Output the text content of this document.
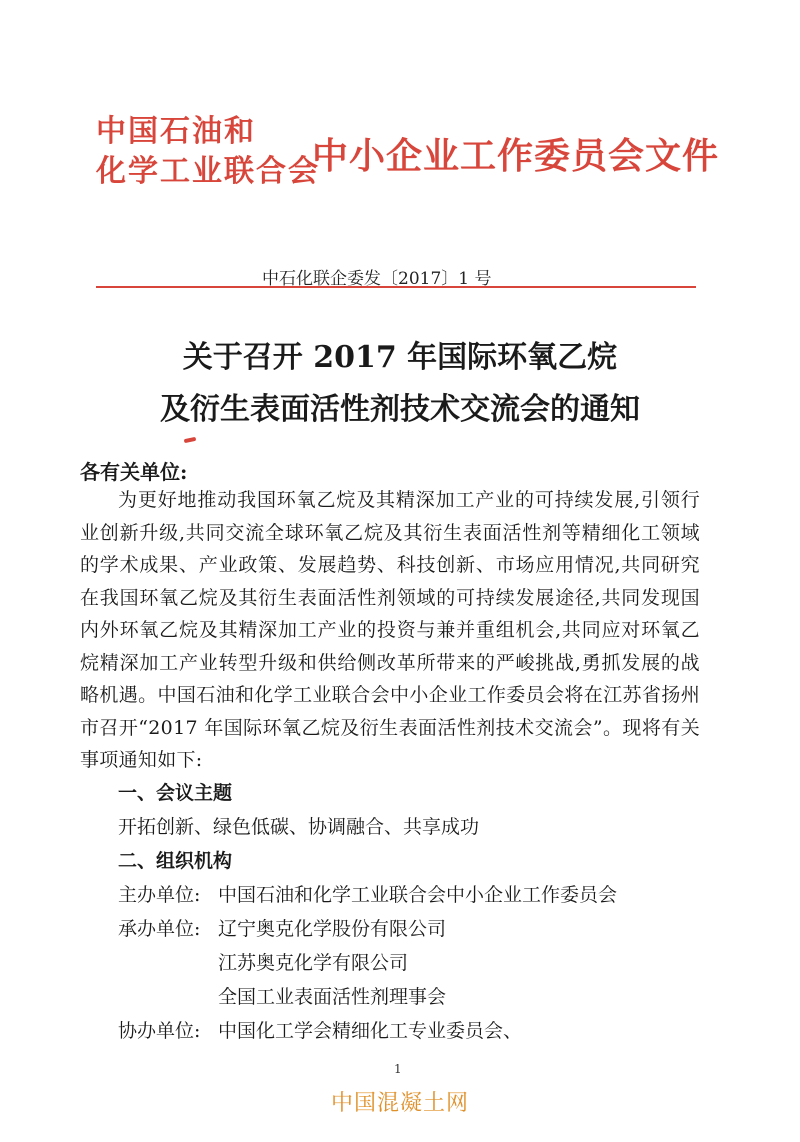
中国石油和
化学工业联合会
中小企业工作委员会文件
中石化联企委发〔2017〕1 号
关于召开 2017 年国际环氧乙烷
及衍生表面活性剂技术交流会的通知
各有关单位:
为更好地推动我国环氧乙烷及其精深加工产业的可持续发展,引领行业创新升级,共同交流全球环氧乙烷及其衍生表面活性剂等精细化工领域的学术成果、产业政策、发展趋势、科技创新、市场应用情况,共同研究在我国环氧乙烷及其衍生表面活性剂领域的可持续发展途径,共同发现国内外环氧乙烷及其精深加工产业的投资与兼并重组机会,共同应对环氧乙烷精深加工产业转型升级和供给侧改革所带来的严峻挑战,勇抓发展的战略机遇。中国石油和化学工业联合会中小企业工作委员会将在江苏省扬州市召开“2017 年国际环氧乙烷及衍生表面活性剂技术交流会”。现将有关事项通知如下:
一、会议主题
开拓创新、绿色低碳、协调融合、共享成功
二、组织机构
主办单位: 中国石油和化学工业联合会中小企业工作委员会
承办单位: 辽宁奥克化学股份有限公司
江苏奥克化学有限公司
全国工业表面活性剂理事会
协办单位: 中国化工学会精细化工专业委员会、
1
中国混凝土网
